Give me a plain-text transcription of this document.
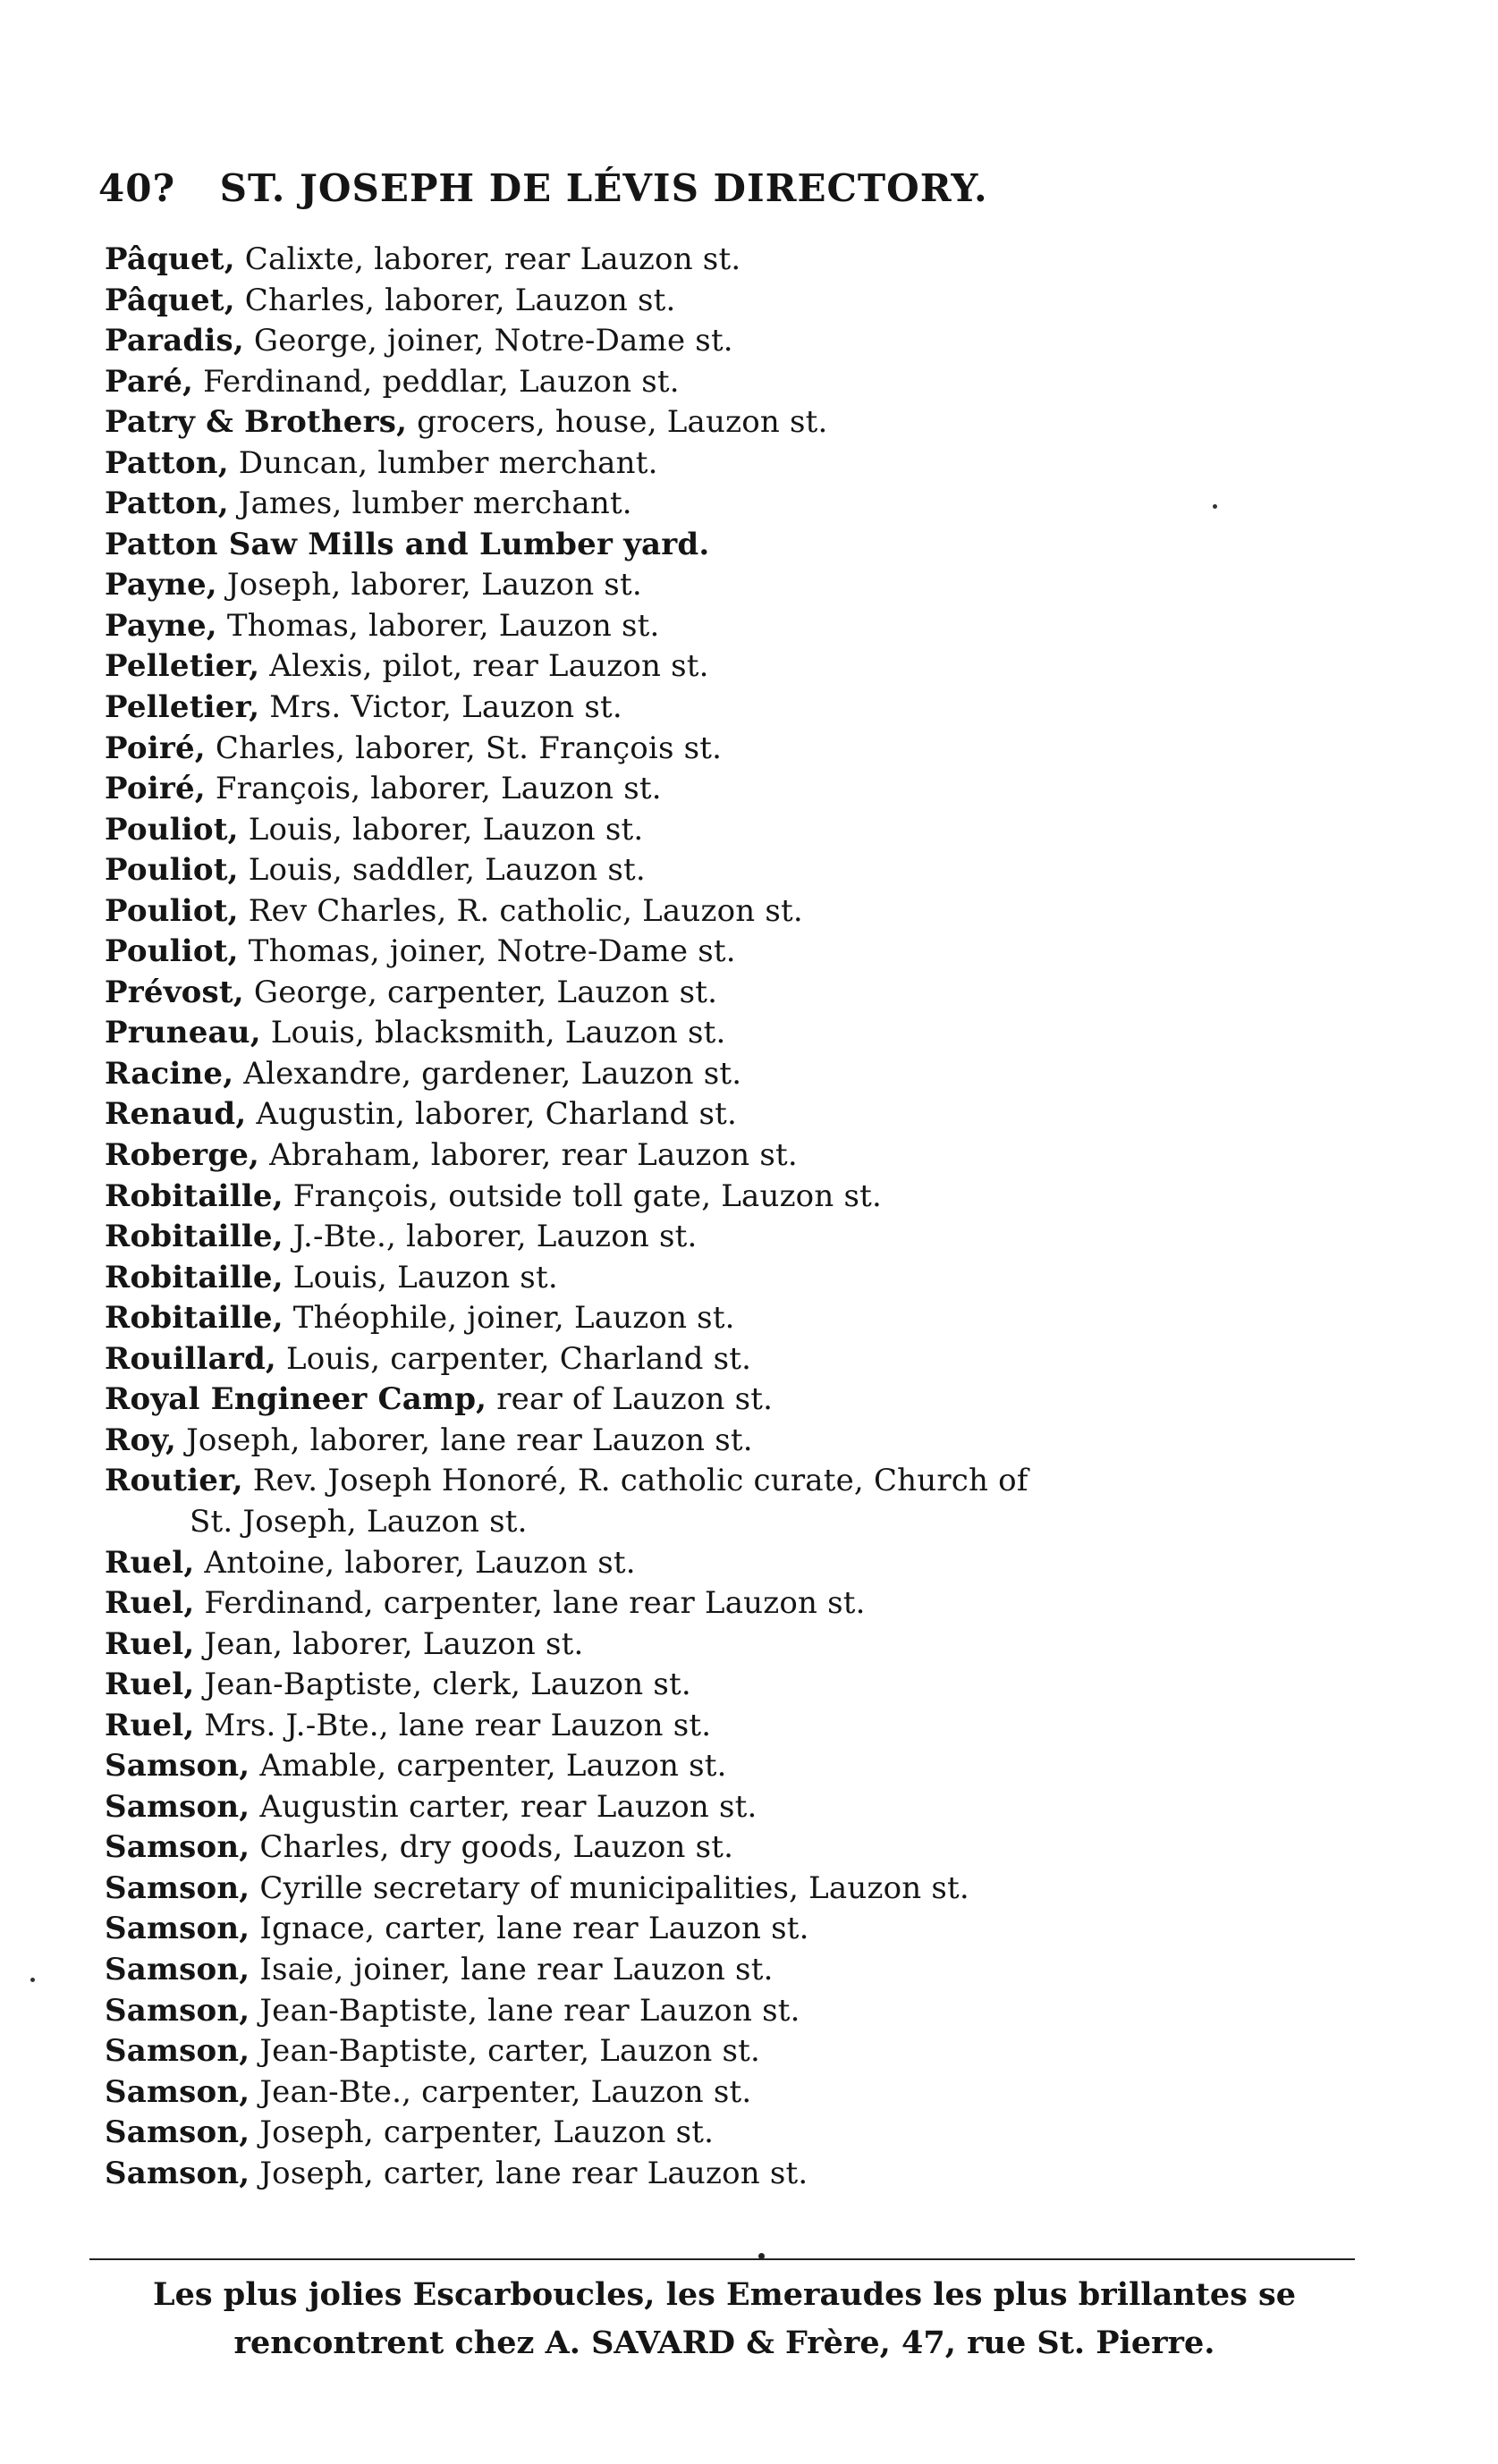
40? ST. JOSEPH DE LÉVIS DIRECTORY.
Pâquet, Calixte, laborer, rear Lauzon st.
Pâquet, Charles, laborer, Lauzon st.
Paradis, George, joiner, Notre-Dame st.
Paré, Ferdinand, peddlar, Lauzon st.
Patry & Brothers, grocers, house, Lauzon st.
Patton, Duncan, lumber merchant.
Patton, James, lumber merchant.
Patton Saw Mills and Lumber yard.
Payne, Joseph, laborer, Lauzon st.
Payne, Thomas, laborer, Lauzon st.
Pelletier, Alexis, pilot, rear Lauzon st.
Pelletier, Mrs. Victor, Lauzon st.
Poiré, Charles, laborer, St. François st.
Poiré, François, laborer, Lauzon st.
Pouliot, Louis, laborer, Lauzon st.
Pouliot, Louis, saddler, Lauzon st.
Pouliot, Rev Charles, R. catholic, Lauzon st.
Pouliot, Thomas, joiner, Notre-Dame st.
Prévost, George, carpenter, Lauzon st.
Pruneau, Louis, blacksmith, Lauzon st.
Racine, Alexandre, gardener, Lauzon st.
Renaud, Augustin, laborer, Charland st.
Roberge, Abraham, laborer, rear Lauzon st.
Robitaille, François, outside toll gate, Lauzon st.
Robitaille, J.-Bte., laborer, Lauzon st.
Robitaille, Louis, Lauzon st.
Robitaille, Théophile, joiner, Lauzon st.
Rouillard, Louis, carpenter, Charland st.
Royal Engineer Camp, rear of Lauzon st.
Roy, Joseph, laborer, lane rear Lauzon st.
Routier, Rev. Joseph Honoré, R. catholic curate, Church of
St. Joseph, Lauzon st.
Ruel, Antoine, laborer, Lauzon st.
Ruel, Ferdinand, carpenter, lane rear Lauzon st.
Ruel, Jean, laborer, Lauzon st.
Ruel, Jean-Baptiste, clerk, Lauzon st.
Ruel, Mrs. J.-Bte., lane rear Lauzon st.
Samson, Amable, carpenter, Lauzon st.
Samson, Augustin carter, rear Lauzon st.
Samson, Charles, dry goods, Lauzon st.
Samson, Cyrille secretary of municipalities, Lauzon st.
Samson, Ignace, carter, lane rear Lauzon st.
Samson, Isaie, joiner, lane rear Lauzon st.
Samson, Jean-Baptiste, lane rear Lauzon st.
Samson, Jean-Baptiste, carter, Lauzon st.
Samson, Jean-Bte., carpenter, Lauzon st.
Samson, Joseph, carpenter, Lauzon st.
Samson, Joseph, carter, lane rear Lauzon st.
Les plus jolies Escarboucles, les Emeraudes les plus brillantes se
rencontrent chez A. SAVARD & Frère, 47, rue St. Pierre.
